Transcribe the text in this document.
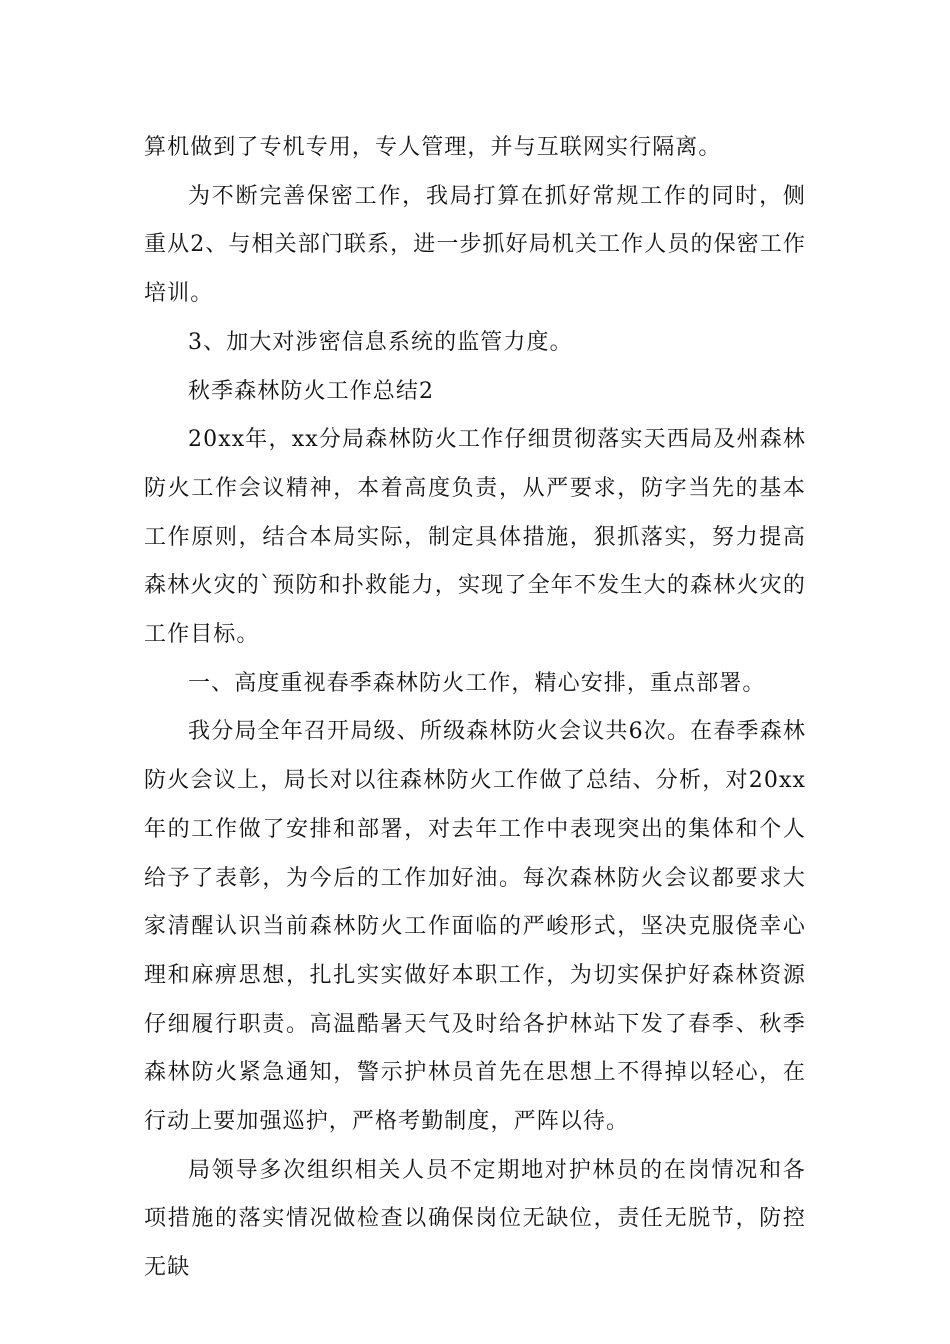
算机做到了专机专用，专人管理，并与互联网实行隔离。

为不断完善保密工作，我局打算在抓好常规工作的同时，侧重从2、与相关部门联系，进一步抓好局机关工作人员的保密工作培训。

3、加大对涉密信息系统的监管力度。

秋季森林防火工作总结2

20xx年，xx分局森林防火工作仔细贯彻落实天西局及州森林防火工作会议精神，本着高度负责，从严要求，防字当先的基本工作原则，结合本局实际，制定具体措施，狠抓落实，努力提高森林火灾的`预防和扑救能力，实现了全年不发生大的森林火灾的工作目标。

一、高度重视春季森林防火工作，精心安排，重点部署。

我分局全年召开局级、所级森林防火会议共6次。在春季森林防火会议上，局长对以往森林防火工作做了总结、分析，对20xx年的工作做了安排和部署，对去年工作中表现突出的集体和个人给予了表彰，为今后的工作加好油。每次森林防火会议都要求大家清醒认识当前森林防火工作面临的严峻形式，坚决克服侥幸心理和麻痹思想，扎扎实实做好本职工作，为切实保护好森林资源仔细履行职责。高温酷暑天气及时给各护林站下发了春季、秋季森林防火紧急通知，警示护林员首先在思想上不得掉以轻心，在行动上要加强巡护，严格考勤制度，严阵以待。

局领导多次组织相关人员不定期地对护林员的在岗情况和各项措施的落实情况做检查以确保岗位无缺位，责任无脱节，防控无缺
